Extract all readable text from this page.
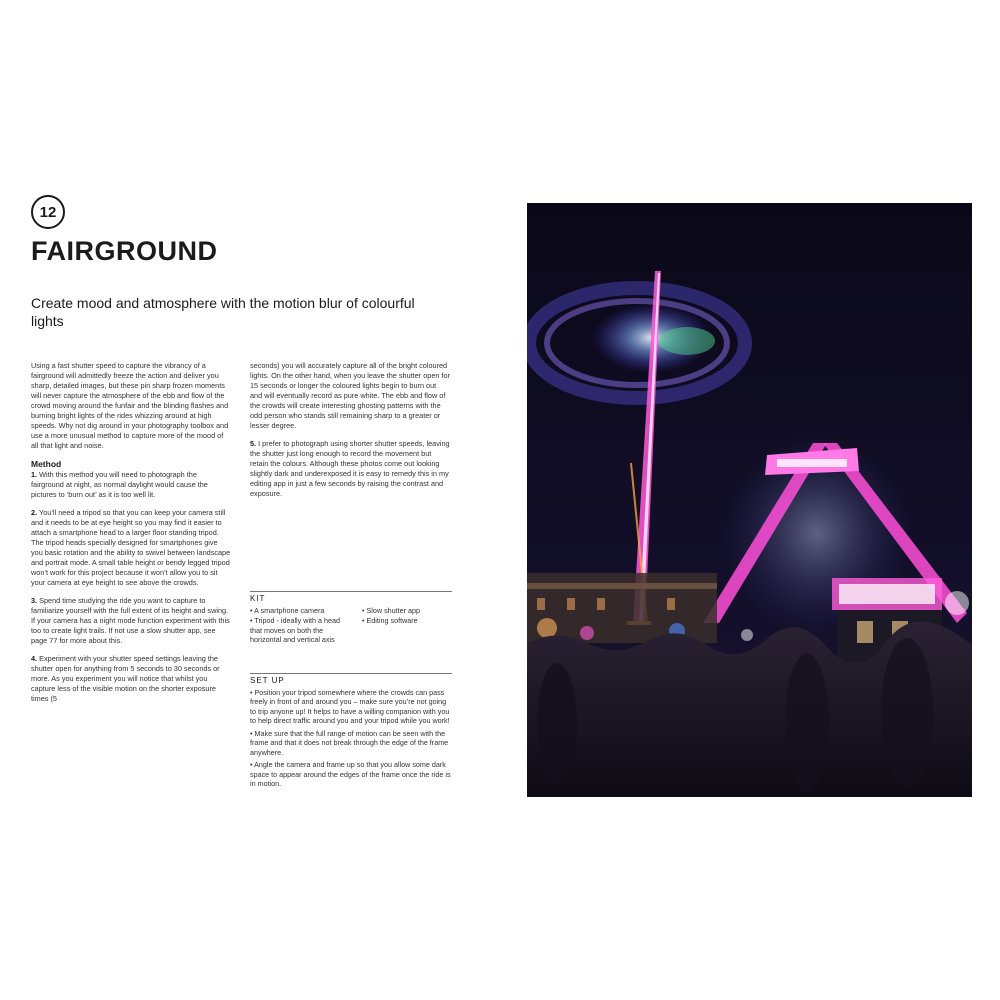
12
FAIRGROUND
Create mood and atmosphere with the motion blur of colourful lights

Using a fast shutter speed to capture the vibrancy of a fairground will admittedly freeze the action and deliver you sharp, detailed images, but these pin sharp frozen moments will never capture the atmosphere of the ebb and flow of the crowd moving around the funfair and the blinding flashes and burning bright lights of the rides whizzing around at high speeds. Why not dig around in your photography toolbox and use a more unusual method to capture more of the mood of all that light and noise.

Method

1. With this method you will need to photograph the fairground at night, as normal daylight would cause the pictures to ‘burn out’ as it is too well lit.

2. You’ll need a tripod so that you can keep your camera still and it needs to be at eye height so you may find it easier to attach a smartphone head to a larger floor standing tripod. The tripod heads specially designed for smartphones give you basic rotation and the ability to swivel between landscape and portrait mode. A small table height or bendy legged tripod won’t work for this project because it won’t allow you to sit your camera at eye height to see above the crowds.

3. Spend time studying the ride you want to capture to familiarize yourself with the full extent of its height and swing. If your camera has a night mode function experiment with this too to create light trails. If not use a slow shutter app, see page 77 for more about this.

4. Experiment with your shutter speed settings leaving the shutter open for anything from 5 seconds to 30 seconds or more. As you experiment you will notice that whilst you capture less of the visible motion on the shorter exposure times (5

seconds) you will accurately capture all of the bright coloured lights. On the other hand, when you leave the shutter open for 15 seconds or longer the coloured lights begin to burn out and will eventually record as pure white. The ebb and flow of the crowds will create interesting ghosting patterns with the odd person who stands still remaining sharp to a greater or lesser degree.

5. I prefer to photograph using shorter shutter speeds, leaving the shutter just long enough to record the movement but retain the colours. Although these photos come out looking slightly dark and underexposed it is easy to remedy this in my editing app in just a few seconds by raising the contrast and exposure.

KIT
• A smartphone camera
• Tripod - ideally with a head that moves on both the horizontal and vertical axis
• Slow shutter app
• Editing software
SET UP
• Position your tripod somewhere where the crowds can pass freely in front of and around you – make sure you’re not going to trip anyone up! It helps to have a willing companion with you to help direct traffic around you and your tripod while you work!
• Make sure that the full range of motion can be seen with the frame and that it does not break through the edge of the frame anywhere.
• Angle the camera and frame up so that you allow some dark space to appear around the edges of the frame once the ride is in motion.
